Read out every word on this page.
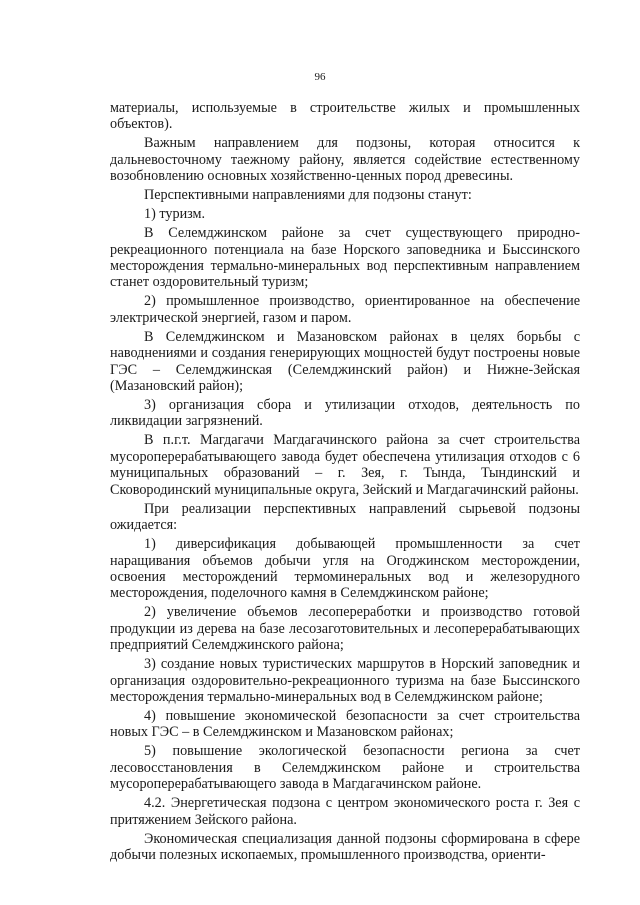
96

материалы, используемые в строительстве жилых и промышленных объектов).

Важным направлением для подзоны, которая относится к дальневосточному таежному району, является содействие естественному возобновлению основных хозяйственно-ценных пород древесины.

Перспективными направлениями для подзоны станут:

1) туризм.

В Селемджинском районе за счет существующего природно-рекреационного потенциала на базе Норского заповедника и Быссинского месторождения термально-минеральных вод перспективным направлением станет оздоровительный туризм;

2) промышленное производство, ориентированное на обеспечение электрической энергией, газом и паром.

В Селемджинском и Мазановском районах в целях борьбы с наводнениями и создания генерирующих мощностей будут построены новые ГЭС – Селемджинская (Селемджинский район) и Нижне-Зейская (Мазановский район);

3) организация сбора и утилизации отходов, деятельность по ликвидации загрязнений.

В п.г.т. Магдагачи Магдагачинского района за счет строительства мусороперерабатывающего завода будет обеспечена утилизация отходов с 6 муниципальных образований – г. Зея, г. Тында, Тындинский и Сковородинский муниципальные округа, Зейский и Магдагачинский районы.

При реализации перспективных направлений сырьевой подзоны ожидается:

1) диверсификация добывающей промышленности за счет наращивания объемов добычи угля на Огоджинском месторождении, освоения месторождений термоминеральных вод и железорудного месторождения, поделочного камня в Селемджинском районе;

2) увеличение объемов лесопереработки и производство готовой продукции из дерева на базе лесозаготовительных и лесоперерабатывающих предприятий Селемджинского района;

3) создание новых туристических маршрутов в Норский заповедник и организация оздоровительно-рекреационного туризма на базе Быссинского месторождения термально-минеральных вод в Селемджинском районе;

4) повышение экономической безопасности за счет строительства новых ГЭС – в Селемджинском и Мазановском районах;

5) повышение экологической безопасности региона за счет лесовосстановления в Селемджинском районе и строительства мусороперерабатывающего завода в Магдагачинском районе.

4.2. Энергетическая подзона с центром экономического роста г. Зея с притяжением Зейского района.

Экономическая специализация данной подзоны сформирована в сфере добычи полезных ископаемых, промышленного производства, ориенти-
